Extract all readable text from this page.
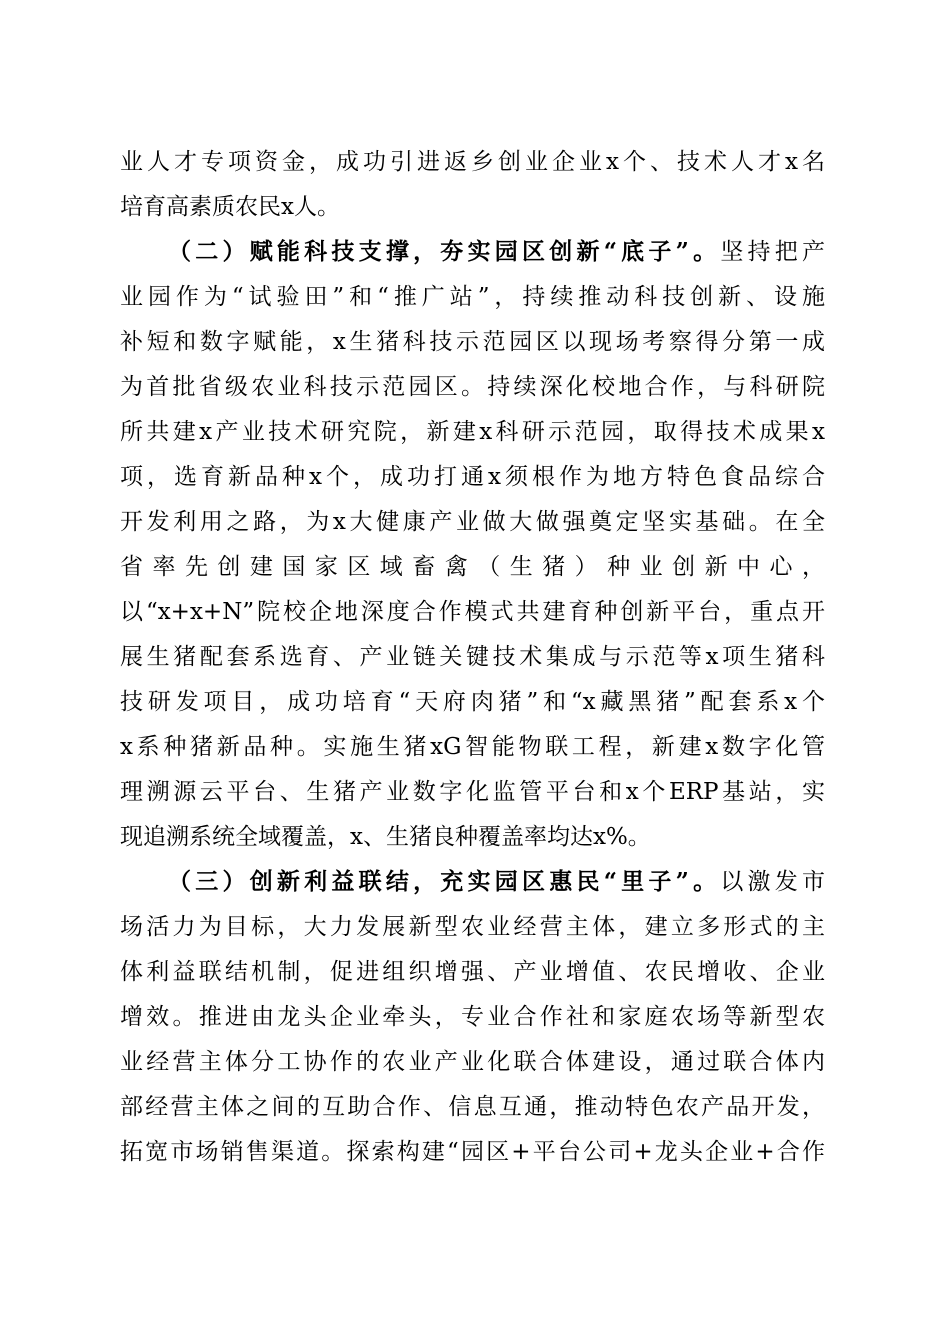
业人才专项资金，成功引进返乡创业企业x个、技术人才x名
培育高素质农民x人。
（二）赋能科技支撑，夯实园区创新“底子”。坚持把产
业园作为“试验田”和“推广站”，持续推动科技创新、设施
补短和数字赋能，x生猪科技示范园区以现场考察得分第一成
为首批省级农业科技示范园区。持续深化校地合作，与科研院
所共建x产业技术研究院，新建x科研示范园，取得技术成果x
项，选育新品种x个，成功打通x须根作为地方特色食品综合
开发利用之路，为x大健康产业做大做强奠定坚实基础。在全
省率先创建国家区域畜禽（生猪）种业创新中心，
以“x+x+N”院校企地深度合作模式共建育种创新平台，重点开
展生猪配套系选育、产业链关键技术集成与示范等x项生猪科
技研发项目，成功培育“天府肉猪”和“x藏黑猪”配套系x个
x系种猪新品种。实施生猪xG智能物联工程，新建x数字化管
理溯源云平台、生猪产业数字化监管平台和x个ERP基站，实
现追溯系统全域覆盖，x、生猪良种覆盖率均达x%。
（三）创新利益联结，充实园区惠民“里子”。以激发市
场活力为目标，大力发展新型农业经营主体，建立多形式的主
体利益联结机制，促进组织增强、产业增值、农民增收、企业
增效。推进由龙头企业牵头，专业合作社和家庭农场等新型农
业经营主体分工协作的农业产业化联合体建设，通过联合体内
部经营主体之间的互助合作、信息互通，推动特色农产品开发，
拓宽市场销售渠道。探索构建“园区+平台公司+龙头企业+合作
